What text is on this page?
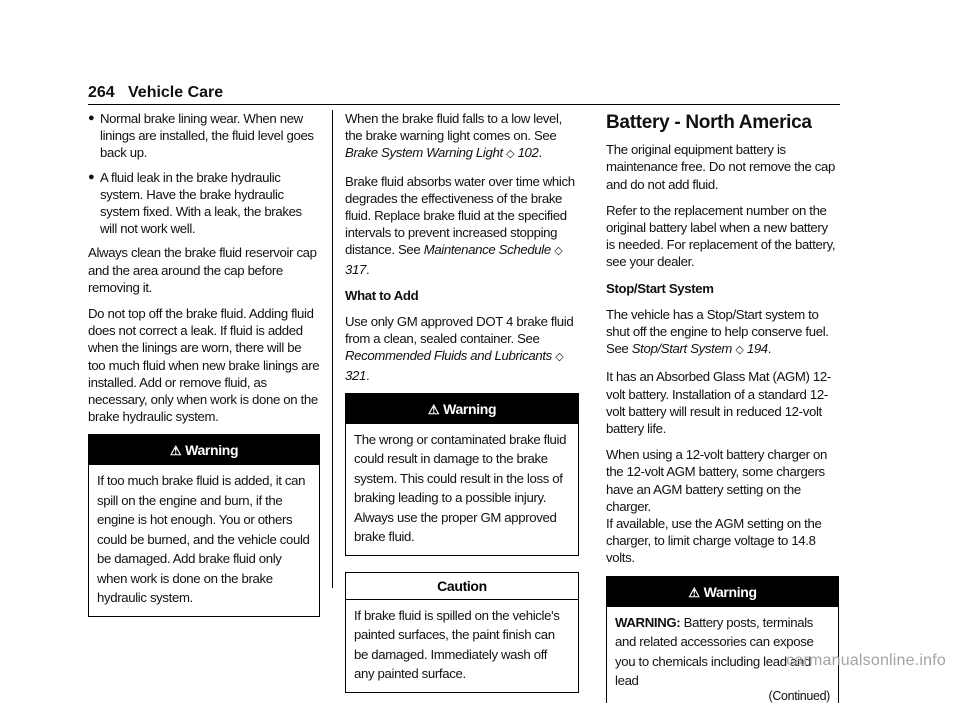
264 Vehicle Care
● Normal brake lining wear. When new linings are installed, the fluid level goes back up.
● A fluid leak in the brake hydraulic system. Have the brake hydraulic system fixed. With a leak, the brakes will not work well.

Always clean the brake fluid reservoir cap and the area around the cap before removing it.

Do not top off the brake fluid. Adding fluid does not correct a leak. If fluid is added when the linings are worn, there will be too much fluid when new brake linings are installed. Add or remove fluid, as necessary, only when work is done on the brake hydraulic system.

⚠ Warning
If too much brake fluid is added, it can spill on the engine and burn, if the engine is hot enough. You or others could be burned, and the vehicle could be damaged. Add brake fluid only when work is done on the brake hydraulic system.

When the brake fluid falls to a low level, the brake warning light comes on. See Brake System Warning Light ◇ 102.

Brake fluid absorbs water over time which degrades the effectiveness of the brake fluid. Replace brake fluid at the specified intervals to prevent increased stopping distance. See Maintenance Schedule ◇ 317.

What to Add

Use only GM approved DOT 4 brake fluid from a clean, sealed container. See Recommended Fluids and Lubricants ◇ 321.

⚠ Warning
The wrong or contaminated brake fluid could result in damage to the brake system. This could result in the loss of braking leading to a possible injury. Always use the proper GM approved brake fluid.
Caution
If brake fluid is spilled on the vehicle's painted surfaces, the paint finish can be damaged. Immediately wash off any painted surface.
Battery - North America

The original equipment battery is maintenance free. Do not remove the cap and do not add fluid.

Refer to the replacement number on the original battery label when a new battery is needed. For replacement of the battery, see your dealer.

Stop/Start System

The vehicle has a Stop/Start system to shut off the engine to help conserve fuel. See Stop/Start System ◇ 194.

It has an Absorbed Glass Mat (AGM) 12-volt battery. Installation of a standard 12-volt battery will result in reduced 12-volt battery life.

When using a 12-volt battery charger on the 12-volt AGM battery, some chargers have an AGM battery setting on the charger.

If available, use the AGM setting on the charger, to limit charge voltage to 14.8 volts.

⚠ Warning
WARNING: Battery posts, terminals and related accessories can expose you to chemicals including lead and lead
(Continued)
carmanualsonline.info
